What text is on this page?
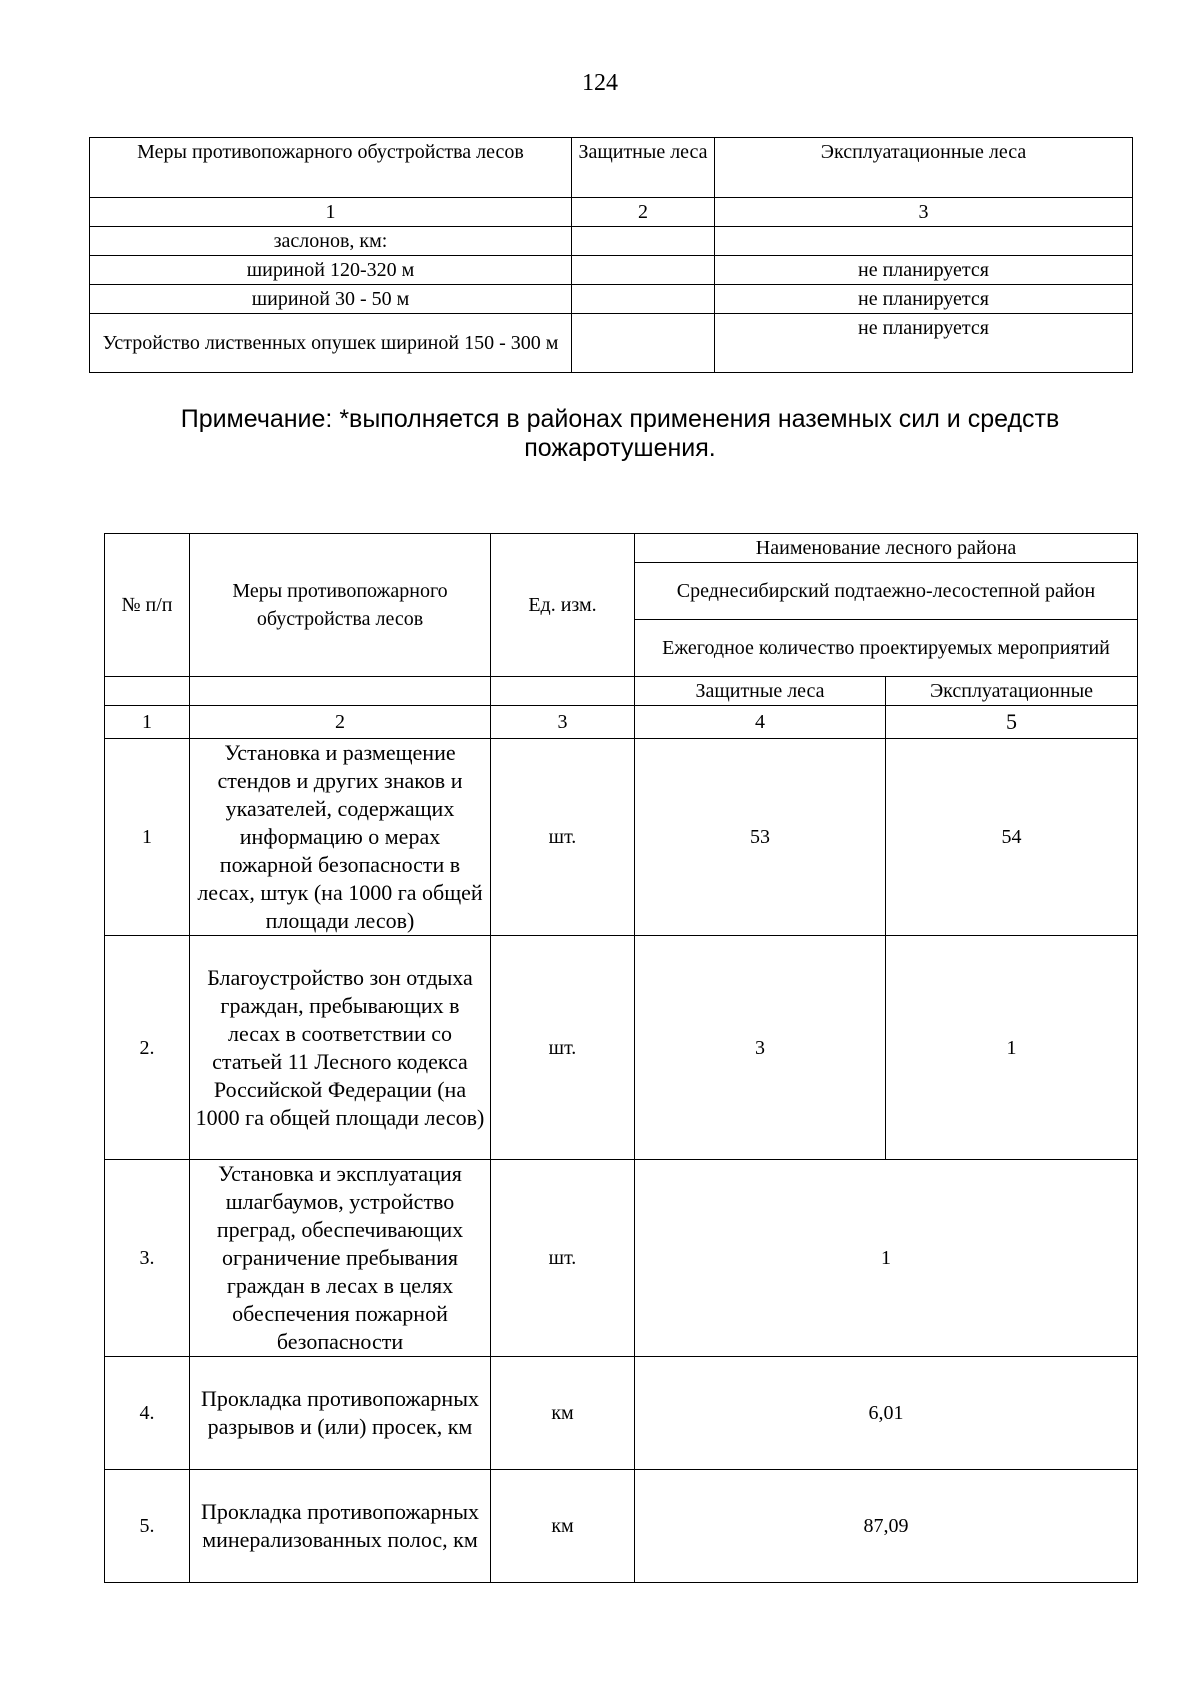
124
Меры противопожарного обустройства лесов	Защитные леса	Эксплуатационные леса
1	2	3
заслонов, км:		
шириной 120-320 м		не планируется
шириной 30 - 50 м		не планируется
Устройство лиственных опушек шириной 150 - 300 м		не планируется
Примечание: *выполняется в районах применения наземных сил и средств пожаротушения.
№ п/п	Меры противопожарного обустройства лесов	Ед. изм.	Наименование лесного района	
			Среднесибирский подтаежно-лесостепной район	
			Ежегодное количество проектируемых мероприятий	
			Защитные леса	Эксплуатационные
1	2	3	4	5
1	Установка и размещение стендов и других знаков и указателей, содержащих информацию о мерах пожарной безопасности в лесах, штук (на 1000 га общей площади лесов)	шт.	53	54
2.	Благоустройство зон отдыха граждан, пребывающих в лесах в соответствии со статьей 11 Лесного кодекса Российской Федерации (на 1000 га общей площади лесов)	шт.	3	1
3.	Установка и эксплуатация шлагбаумов, устройство преград, обеспечивающих ограничение пребывания граждан в лесах в целях обеспечения пожарной безопасности	шт.	1	
4.	Прокладка противопожарных разрывов и (или) просек, км	км	6,01	
5.	Прокладка противопожарных минерализованных полос, км	км	87,09	
